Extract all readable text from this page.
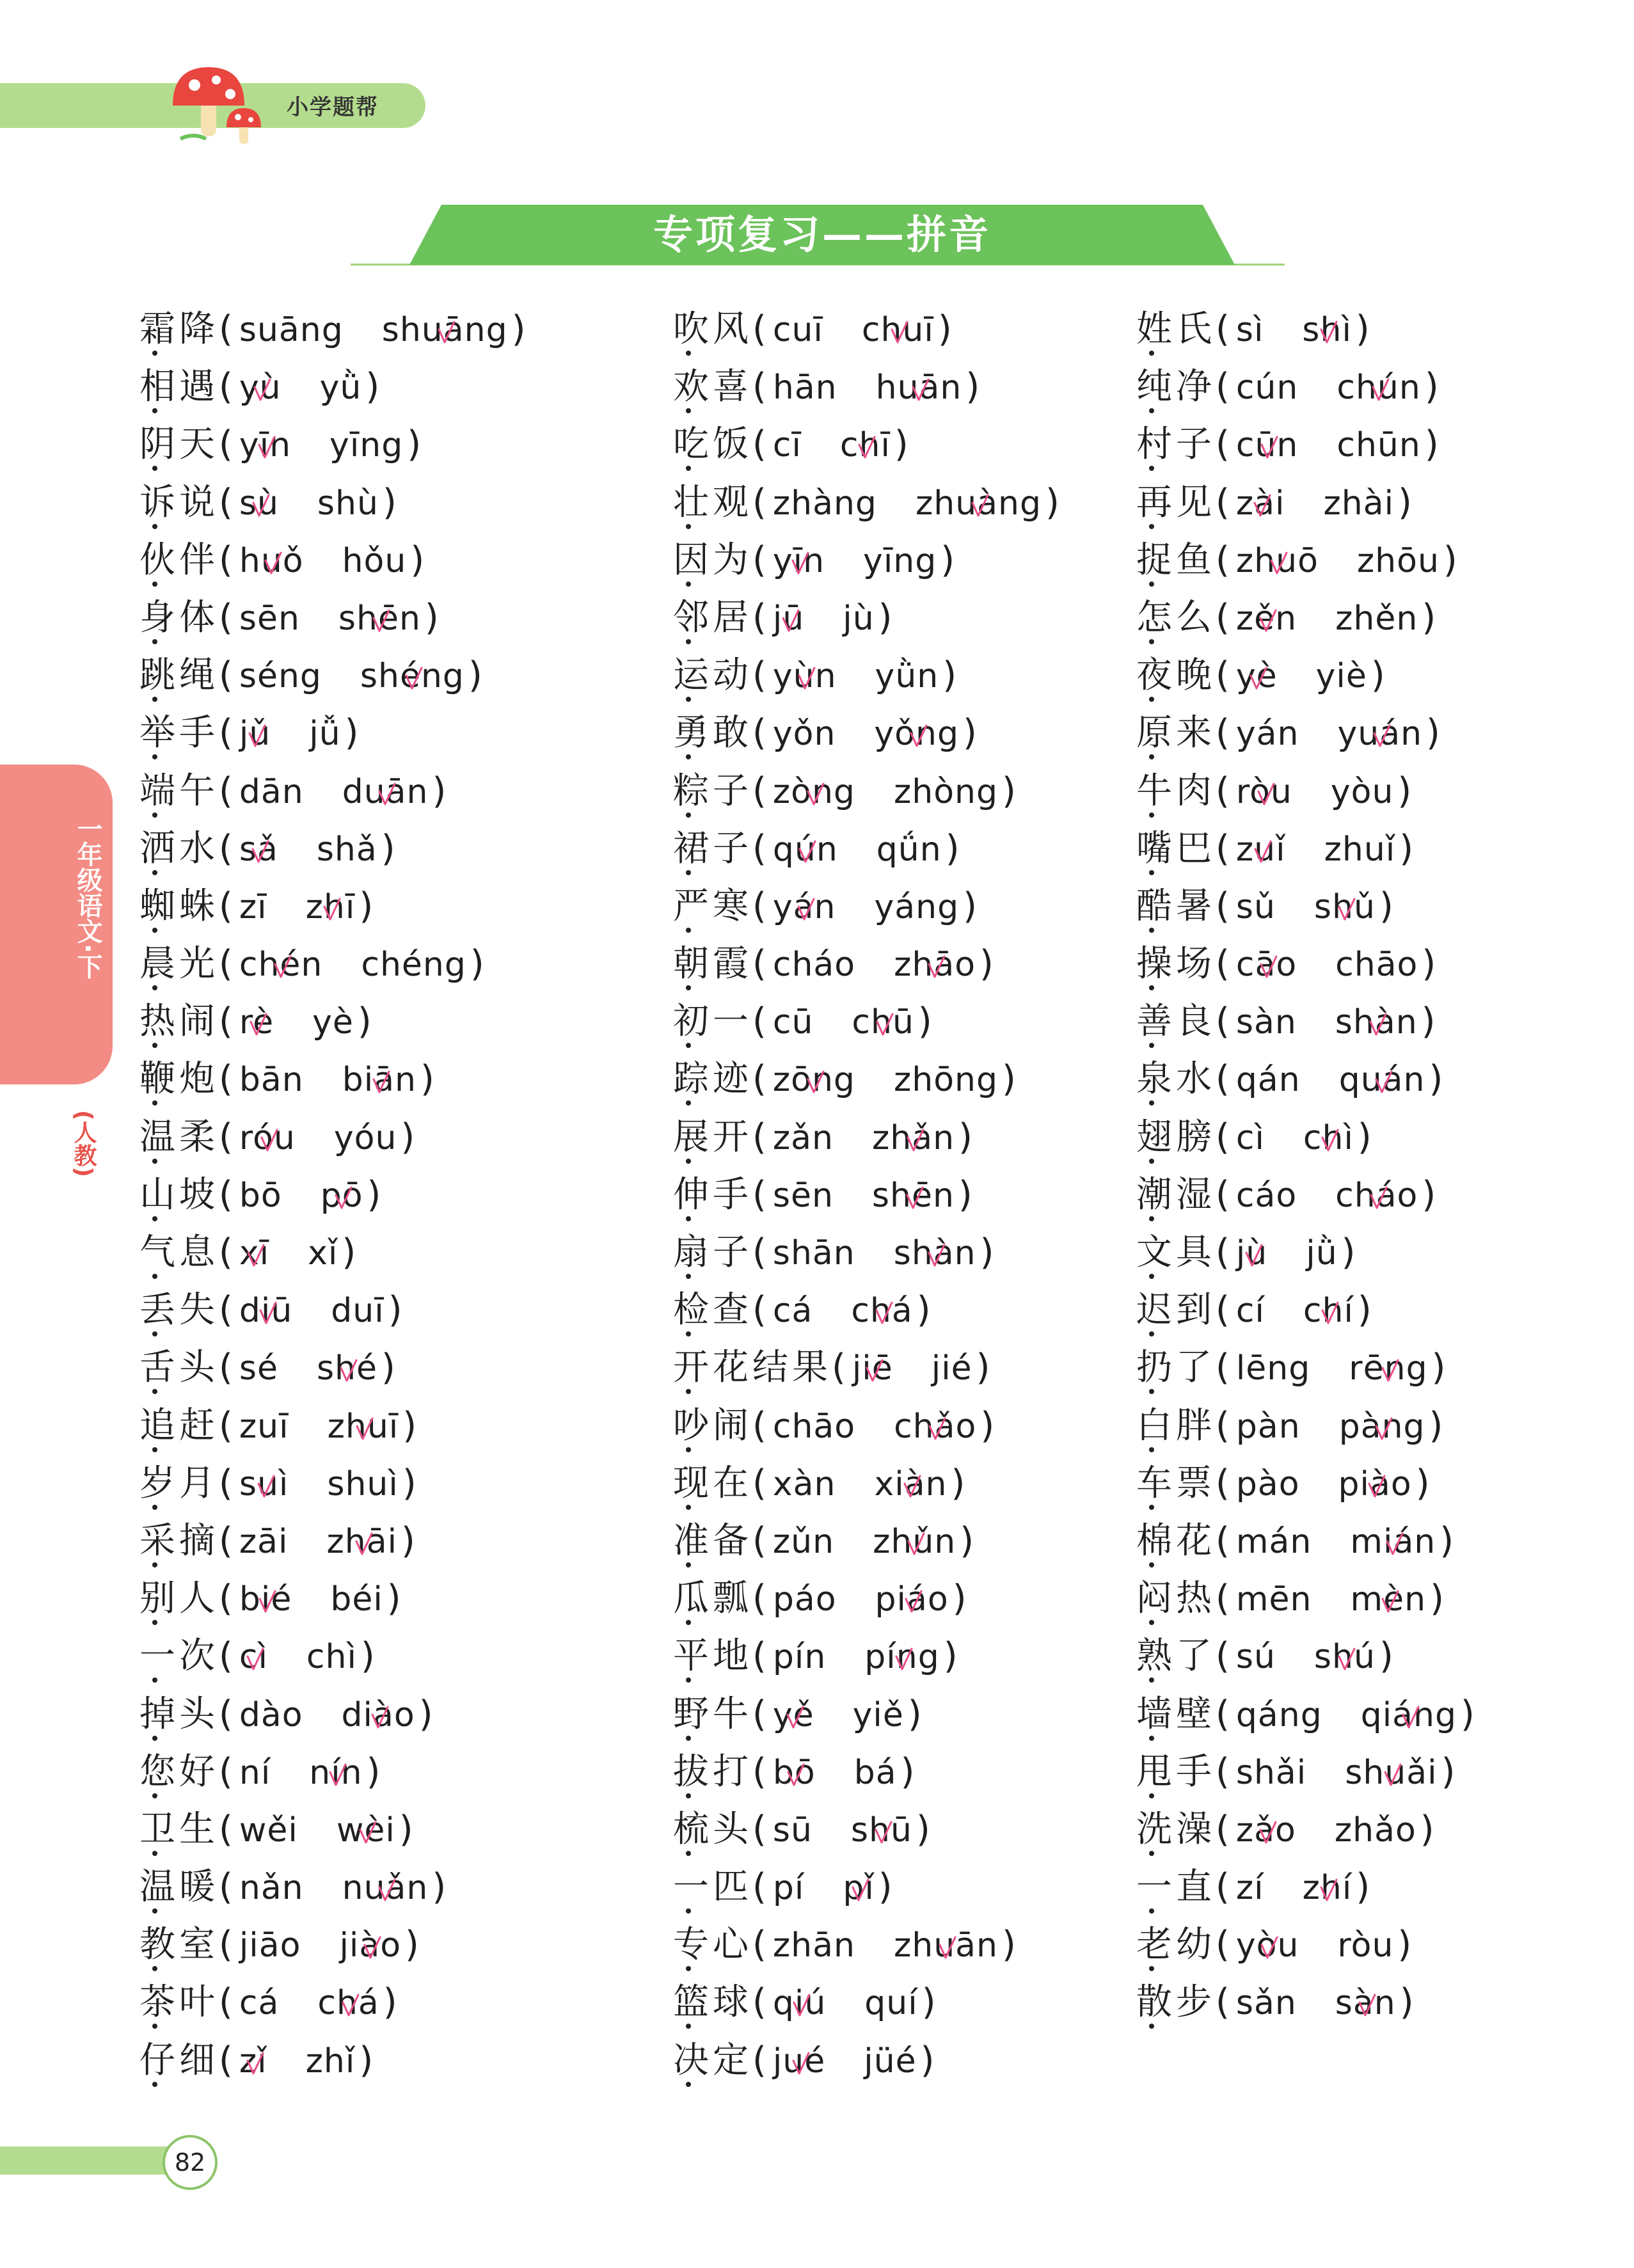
小学题帮
专项复习——拼音
一年级语文·下
(人教)
霜降( suāng shuāng )
相遇( yù yǜ )
阴天( yīn yīng )
诉说( sù shù )
伙伴( huǒ hǒu )
身体( sēn shēn )
跳绳( séng shéng )
举手( jǔ jǚ )
端午( dān duān )
洒水( sǎ shǎ )
蜘蛛( zī zhī )
晨光( chén chéng )
热闹( rè yè )
鞭炮( bān biān )
温柔( róu yóu )
山坡( bō pō )
气息( xī xǐ )
丢失( diū duī )
舌头( sé shé )
追赶( zuī zhuī )
岁月( suì shuì )
采摘( zāi zhāi )
别人( bié béi )
一次( cì chì )
掉头( dào diào )
您好( ní nín )
卫生( wěi wèi )
温暖( nǎn nuǎn )
教室( jiāo jiào )
茶叶( cá chá )
仔细( zǐ zhǐ )
吹风( cuī chuī )
欢喜( hān huān )
吃饭( cī chī )
壮观( zhàng zhuàng )
因为( yīn yīng )
邻居( jū jù )
运动( yùn yǜn )
勇敢( yǒn yǒng )
粽子( zòng zhòng )
裙子( qún qǘn )
严寒( yán yáng )
朝霞( cháo zhāo )
初一( cū chū )
踪迹( zōng zhōng )
展开( zǎn zhǎn )
伸手( sēn shēn )
扇子( shān shàn )
检查( cá chá )
开花结果( jiē jié )
吵闹( chāo chǎo )
现在( xàn xiàn )
准备( zǔn zhǔn )
瓜瓢( páo piáo )
平地( pín píng )
野牛( yě yiě )
拔打( bō bá )
梳头( sū shū )
一匹( pí pǐ )
专心( zhān zhuān )
篮球( qiú quí )
决定( jué jüé )
姓氏( sì shì )
纯净( cún chún )
村子( cūn chūn )
再见( zài zhài )
捉鱼( zhuō zhōu )
怎么( zěn zhěn )
夜晚( yè yiè )
原来( yán yuán )
牛肉( ròu yòu )
嘴巴( zuǐ zhuǐ )
酷暑( sǔ shǔ )
操场( cāo chāo )
善良( sàn shàn )
泉水( qán quán )
翅膀( cì chì )
潮湿( cáo cháo )
文具( jù jǜ )
迟到( cí chí )
扔了( lēng rēng )
白胖( pàn pàng )
车票( pào piào )
棉花( mán mián )
闷热( mēn mèn )
熟了( sú shú )
墙壁( qáng qiáng )
甩手( shǎi shuǎi )
洗澡( zǎo zhǎo )
一直( zí zhí )
老幼( yòu ròu )
散步( sǎn sàn )
82
